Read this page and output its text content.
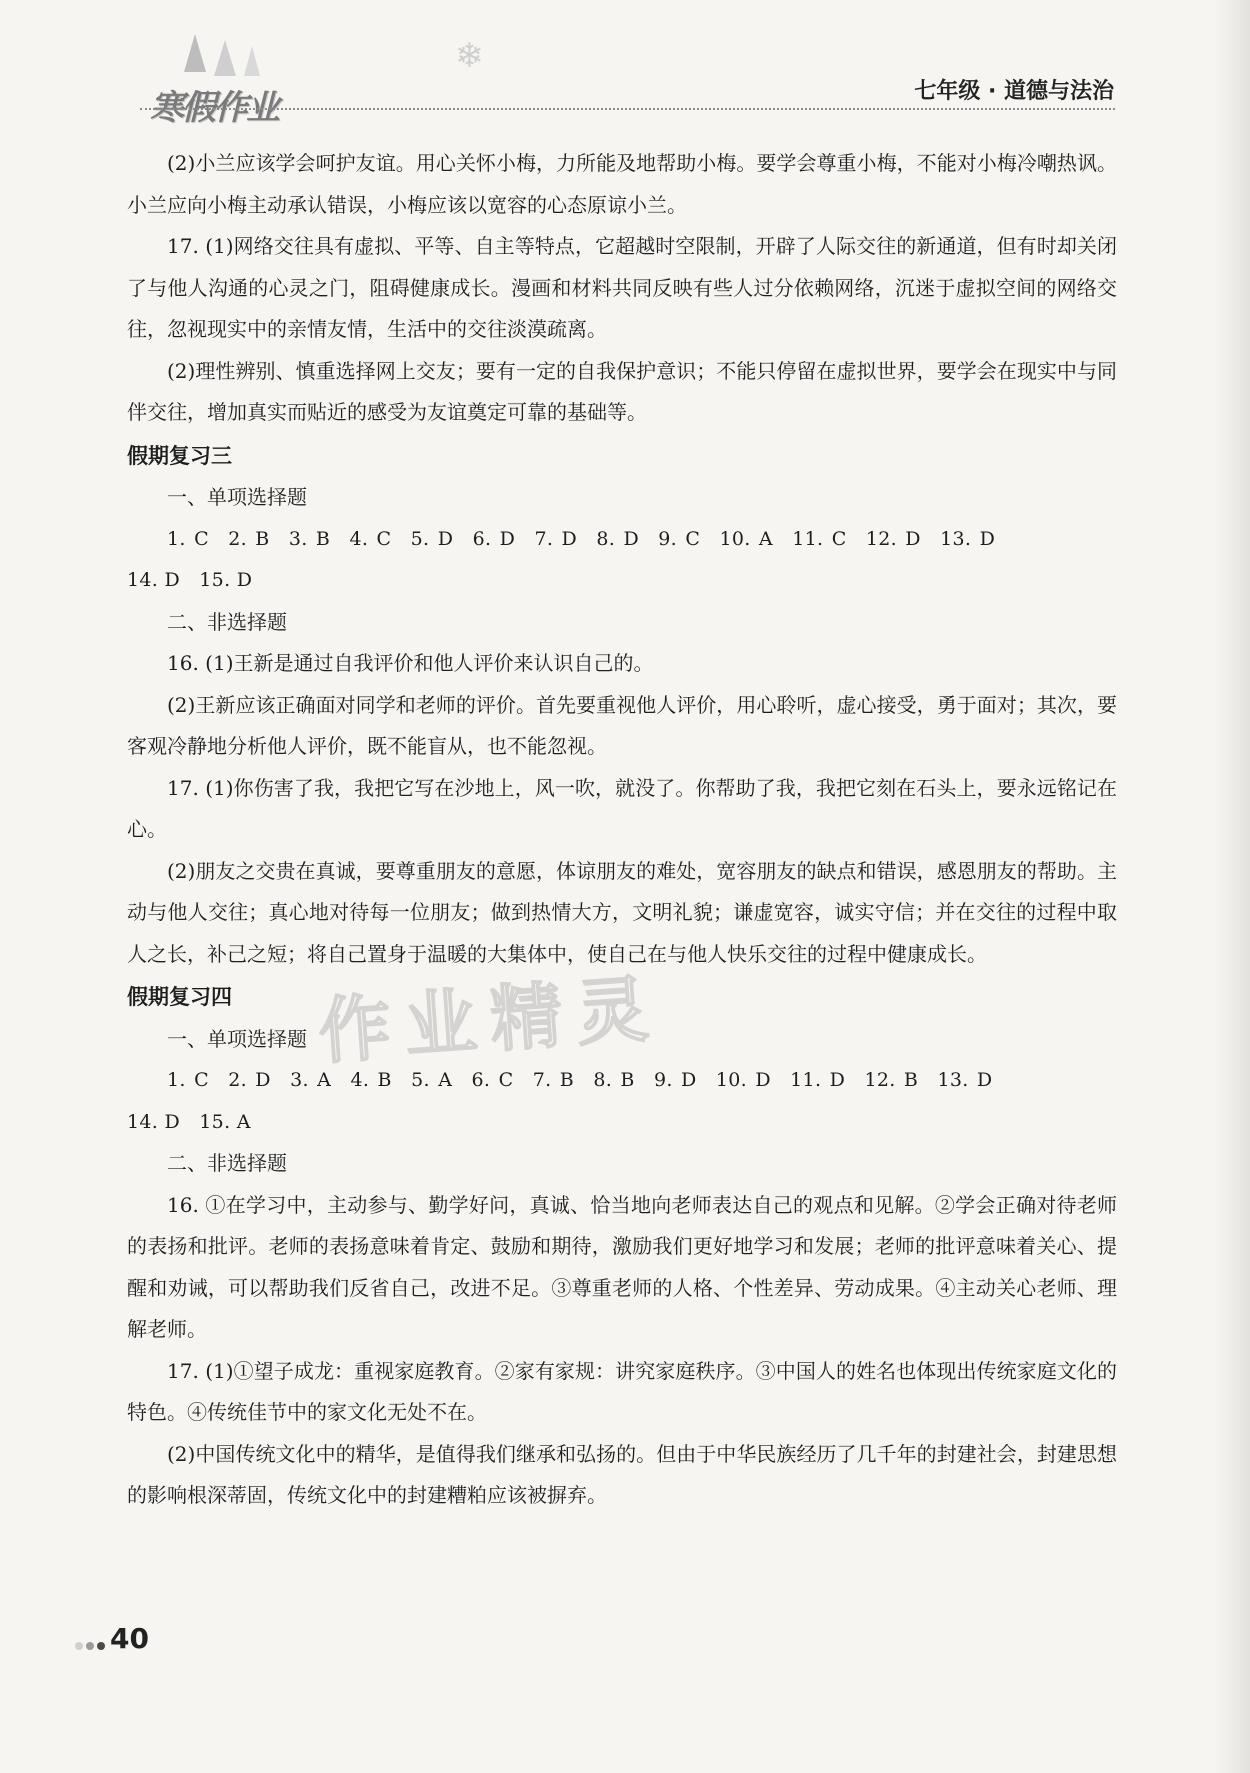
寒假作业
❄
七年级 · 道德与法治

(2)小兰应该学会呵护友谊。用心关怀小梅，力所能及地帮助小梅。要学会尊重小梅，不能对小梅冷嘲热讽。小兰应向小梅主动承认错误，小梅应该以宽容的心态原谅小兰。

17. (1)网络交往具有虚拟、平等、自主等特点，它超越时空限制，开辟了人际交往的新通道，但有时却关闭了与他人沟通的心灵之门，阻碍健康成长。漫画和材料共同反映有些人过分依赖网络，沉迷于虚拟空间的网络交往，忽视现实中的亲情友情，生活中的交往淡漠疏离。

(2)理性辨别、慎重选择网上交友；要有一定的自我保护意识；不能只停留在虚拟世界，要学会在现实中与同伴交往，增加真实而贴近的感受为友谊奠定可靠的基础等。

假期复习三

一、单项选择题

1. C　2. B　3. B　4. C　5. D　6. D　7. D　8. D　9. C　10. A　11. C　12. D　13. D

14. D　15. D

二、非选择题

16. (1)王新是通过自我评价和他人评价来认识自己的。

(2)王新应该正确面对同学和老师的评价。首先要重视他人评价，用心聆听，虚心接受，勇于面对；其次，要客观冷静地分析他人评价，既不能盲从，也不能忽视。

17. (1)你伤害了我，我把它写在沙地上，风一吹，就没了。你帮助了我，我把它刻在石头上，要永远铭记在心。

(2)朋友之交贵在真诚，要尊重朋友的意愿，体谅朋友的难处，宽容朋友的缺点和错误，感恩朋友的帮助。主动与他人交往；真心地对待每一位朋友；做到热情大方，文明礼貌；谦虚宽容，诚实守信；并在交往的过程中取人之长，补己之短；将自己置身于温暖的大集体中，使自己在与他人快乐交往的过程中健康成长。

假期复习四

一、单项选择题

1. C　2. D　3. A　4. B　5. A　6. C　7. B　8. B　9. D　10. D　11. D　12. B　13. D

14. D　15. A

二、非选择题

16. ①在学习中，主动参与、勤学好问，真诚、恰当地向老师表达自己的观点和见解。②学会正确对待老师的表扬和批评。老师的表扬意味着肯定、鼓励和期待，激励我们更好地学习和发展；老师的批评意味着关心、提醒和劝诫，可以帮助我们反省自己，改进不足。③尊重老师的人格、个性差异、劳动成果。④主动关心老师、理解老师。

17. (1)①望子成龙：重视家庭教育。②家有家规：讲究家庭秩序。③中国人的姓名也体现出传统家庭文化的特色。④传统佳节中的家文化无处不在。

(2)中国传统文化中的精华，是值得我们继承和弘扬的。但由于中华民族经历了几千年的封建社会，封建思想的影响根深蒂固，传统文化中的封建糟粕应该被摒弃。

作业精灵
40
